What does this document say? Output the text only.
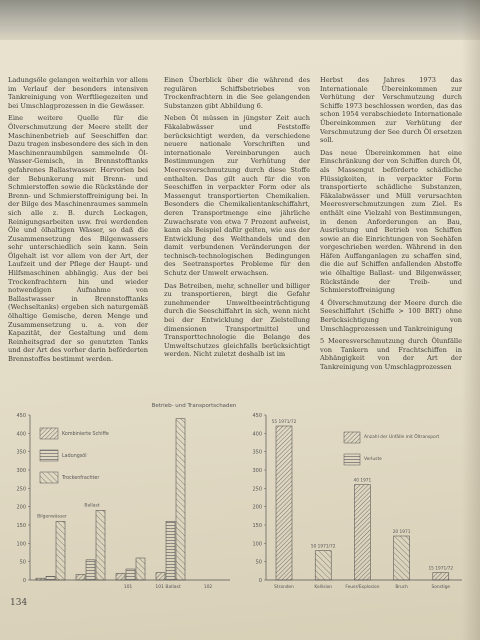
Ladungsöle gelangen weiterhin vor allem im Verlauf der besonders intensiven Tankreinigung von Werftliegezeiten und bei Umschlagprozessen in die Gewässer.

Eine weitere Quelle für die Ölverschmutzung der Meere stellt der Maschinenbetrieb auf Seeschiffen dar. Dazu tragen insbesondere des sich in den Maschinenraumbilgen sammelnde Öl-Wasser-Gemisch, in Brennstofftanks gefahrenes Ballastwasser. Hervorien bei der Bebunkerung mit Brenn- und Schmierstoffen sowie die Rückstände der Brenn- und Schmierstoffreinigung bei. In der Bilge des Maschinenraumes sammeln sich alle z. B. durch Leckagen, Reinigungsarbeiten usw. frei werdenden Öle und ölhaltigen Wässer, so daß die Zusammensetzung des Bilgenwassers sehr unterschiedlich sein kann. Sein Ölgehalt ist vor allem von der Art, der Laufzeit und der Pflege der Haupt- und Hilfsmaschinen abhängig. Aus der bei Trockenfrachtern hin und wieder notwendigen Aufnahme von Ballastwasser in Brennstofftanks (Wechseltanks) ergeben sich naturgemäß ölhaltige Gemische, deren Menge und Zusammensetzung u. a. von der Kapazität, der Gestaltung und dem Reinheitsgrad der so genutzten Tanks und der Art des vorher darin beförderten Brennstoffes bestimmt werden.

Einen Überblick über die während des regulären Schiffsbetriebes von Trockenfrachtern in die See gelangenden Substanzen gibt Abbildung 6.

Neben Öl müssen in jüngster Zeit auch Fäkalabwässer und Feststoffe berücksichtigt werden, da verschiedene neuere nationale Vorschriften und internationale Vereinbarungen auch Bestimmungen zur Verhütung der Meeresverschmutzung durch diese Stoffe enthalten. Das gilt auch für die von Seeschiffen in verpackter Form oder als Massengut transportierten Chemikalien. Besonders die Chemikalientankschiffahrt, deren Transportmenge eine jährliche Zuwachsrate von etwa 7 Prozent aufweist, kann als Beispiel dafür gelten, wie aus der Entwicklung des Welthandels und den damit verbundenen Veränderungen der technisch-technologischen Bedingungen des Seetransportes Probleme für den Schutz der Umwelt erwachsen.

Das Betreiben, mehr, schneller und billiger zu transportieren, birgt die Gefahr zunehmender Umweltbeeinträchtigung durch die Seeschiffahrt in sich, wenn nicht bei der Entwicklung der Zielstellung dimensionen Transportmittel und Transporttechnologie die Belange des Umweltschutzes gleichfalls berücksichtigt werden. Nicht zuletzt deshalb ist im

Herbst des Jahres 1973 das Internationale Übereinkommen zur Verhütung der Verschmutzung durch Schiffe 1973 beschlossen worden, das das schon 1954 verabschiedete Internationale Übereinkommen zur Verhütung der Verschmutzung der See durch Öl ersetzen soll.

Das neue Übereinkommen hat eine Einschränkung der von Schiffen durch Öl, als Massengut beförderte schädliche Flüssigkeiten, in verpackter Form transportierte schädliche Substanzen, Fäkalabwässer und Müll verursachten Meeresverschmutzungen zum Ziel. Es enthält eine Vielzahl von Bestimmungen, in denen Anforderungen an Bau, Ausrüstung und Betrieb von Schiffen sowie an die Einrichtungen von Seehäfen vorgeschrieben werden. Während in den Häfen Auffanganlagen zu schaffen sind, die die auf Schiffen anfallenden Abstoffe wie ölhaltige Ballast- und Bilgenwässer, Rückstände der Treib- und Schmierstoffreinigung

4 Ölverschmutzung der Meere durch die Seeschiffahrt (Schiffe > 100 BRT) ohne Berücksichtigung von Umschlagprozessen und Tankreinigung

5 Meeresverschmutzung durch Ölunfälle von Tankern und Frachtschiffen in Abhängigkeit von der Art der Tankreinigung von Umschlagprozessen

0
50
100
150
200
250
300
350
400
450
Betrieb- und Transportschaden
Kombinierte Schiffe
Ladungsöl
Trockenfrachter
101	101 Ballast	102
Bilgenwässer
Ballast
0
50
100
150
200
250
300
350
400
450
Anzahl der Unfälle mit Öltransport
Verluste
55 1971/72
Stranden
50 1971/72
Kollision
40 1971
Feuer/Explosion
20 1971
Bruch
15 1971/72
Sonstige
134
